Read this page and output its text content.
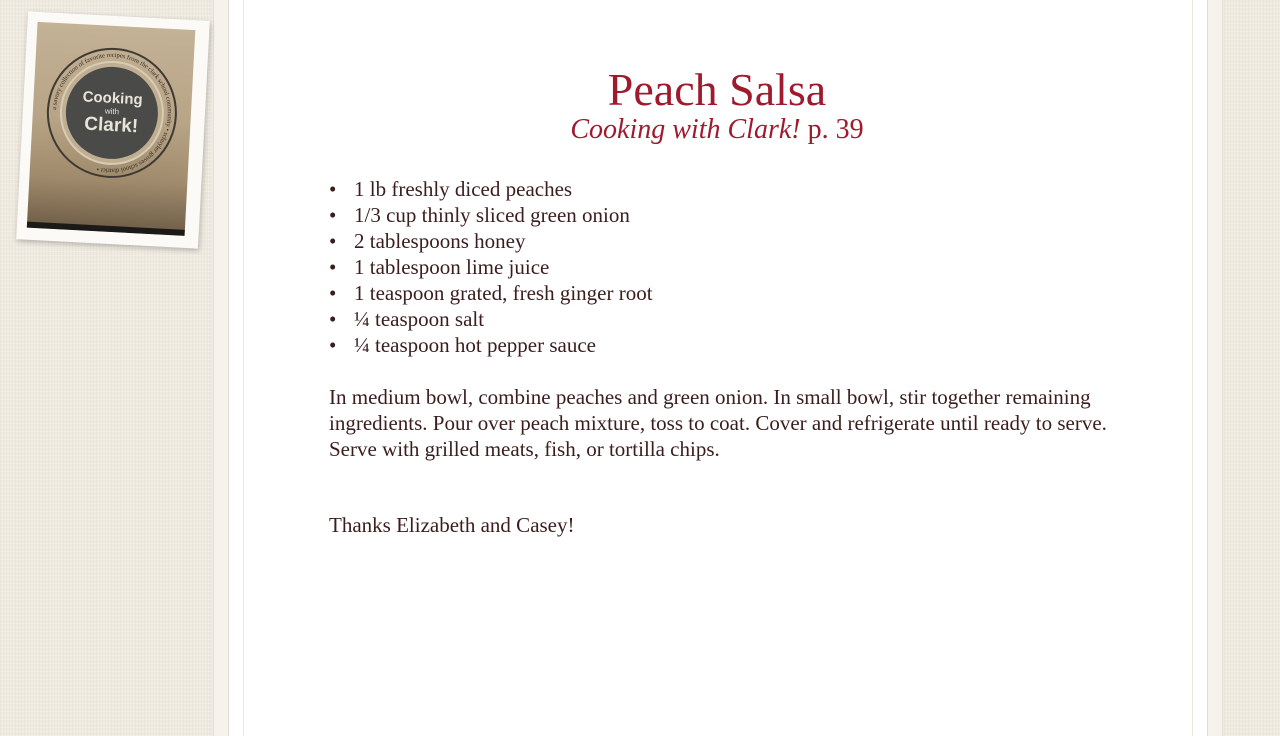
a savory collection of favorite recipes from the clark school community • schuyler groves school district •
Cooking
with
Clark!
Peach Salsa
Cooking with Clark! p. 39
• 1 lb freshly diced peaches
• 1/3 cup thinly sliced green onion
• 2 tablespoons honey
• 1 tablespoon lime juice
• 1 teaspoon grated, fresh ginger root
• ¼ teaspoon salt
• ¼ teaspoon hot pepper sauce

In medium bowl, combine peaches and green onion. In small bowl, stir together remaining ingredients. Pour over peach mixture, toss to coat. Cover and refrigerate until ready to serve. Serve with grilled meats, fish, or tortilla chips.

Thanks Elizabeth and Casey!
